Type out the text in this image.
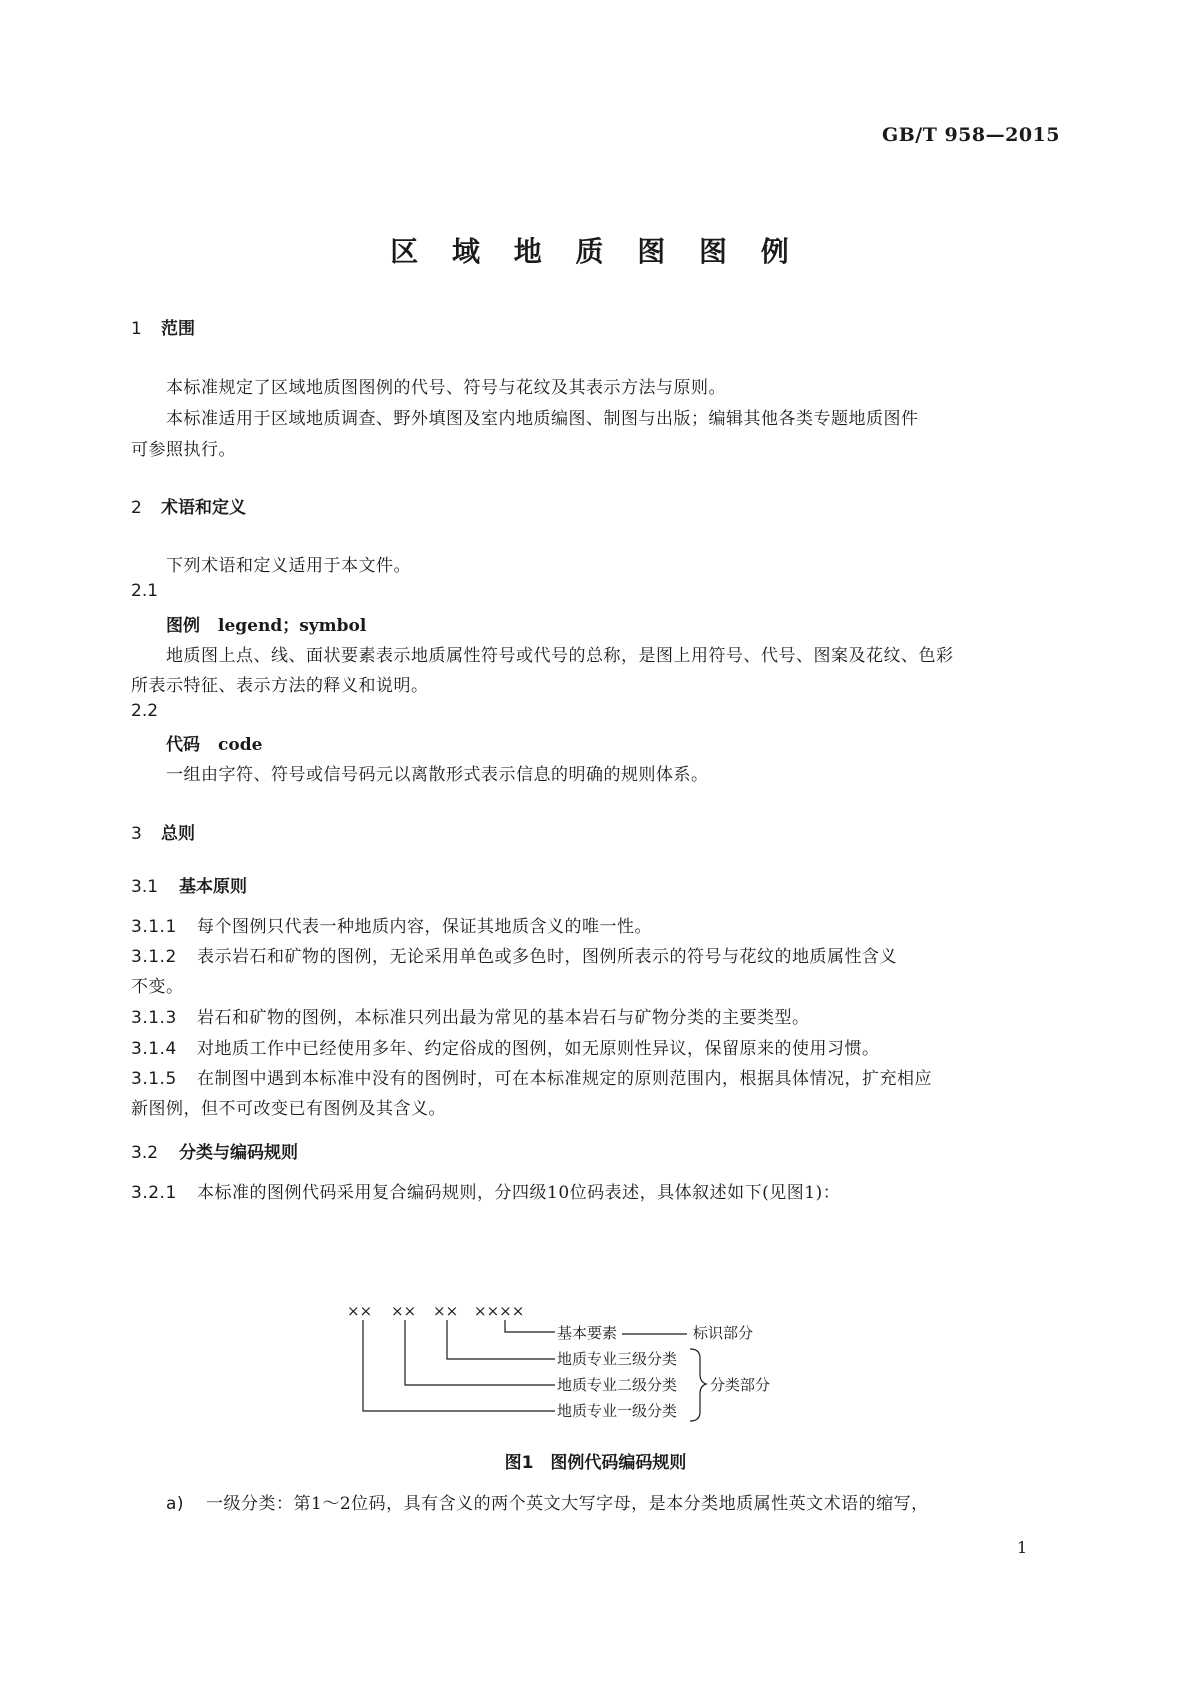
GB/T 958—2015
区 域 地 质 图 图 例
1 范围
本标准规定了区域地质图图例的代号、符号与花纹及其表示方法与原则。
本标准适用于区域地质调查、野外填图及室内地质编图、制图与出版；编辑其他各类专题地质图件
可参照执行。
2 术语和定义
下列术语和定义适用于本文件。
2.1
图例 legend；symbol
地质图上点、线、面状要素表示地质属性符号或代号的总称，是图上用符号、代号、图案及花纹、色彩
所表示特征、表示方法的释义和说明。
2.2
代码 code
一组由字符、符号或信号码元以离散形式表示信息的明确的规则体系。
3 总则
3.1 基本原则
3.1.1 每个图例只代表一种地质内容，保证其地质含义的唯一性。
3.1.2 表示岩石和矿物的图例，无论采用单色或多色时，图例所表示的符号与花纹的地质属性含义
不变。
3.1.3 岩石和矿物的图例，本标准只列出最为常见的基本岩石与矿物分类的主要类型。
3.1.4 对地质工作中已经使用多年、约定俗成的图例，如无原则性异议，保留原来的使用习惯。
3.1.5 在制图中遇到本标准中没有的图例时，可在本标准规定的原则范围内，根据具体情况，扩充相应
新图例，但不可改变已有图例及其含义。
3.2 分类与编码规则
3.2.1 本标准的图例代码采用复合编码规则，分四级10位码表述，具体叙述如下(见图1)：
×× ×× ×× ××××
基本要素	标识部分
地质专业三级分类
地质专业二级分类 分类部分
地质专业一级分类
图1　图例代码编码规则
a) 一级分类：第1～2位码，具有含义的两个英文大写字母，是本分类地质属性英文术语的缩写，
1
